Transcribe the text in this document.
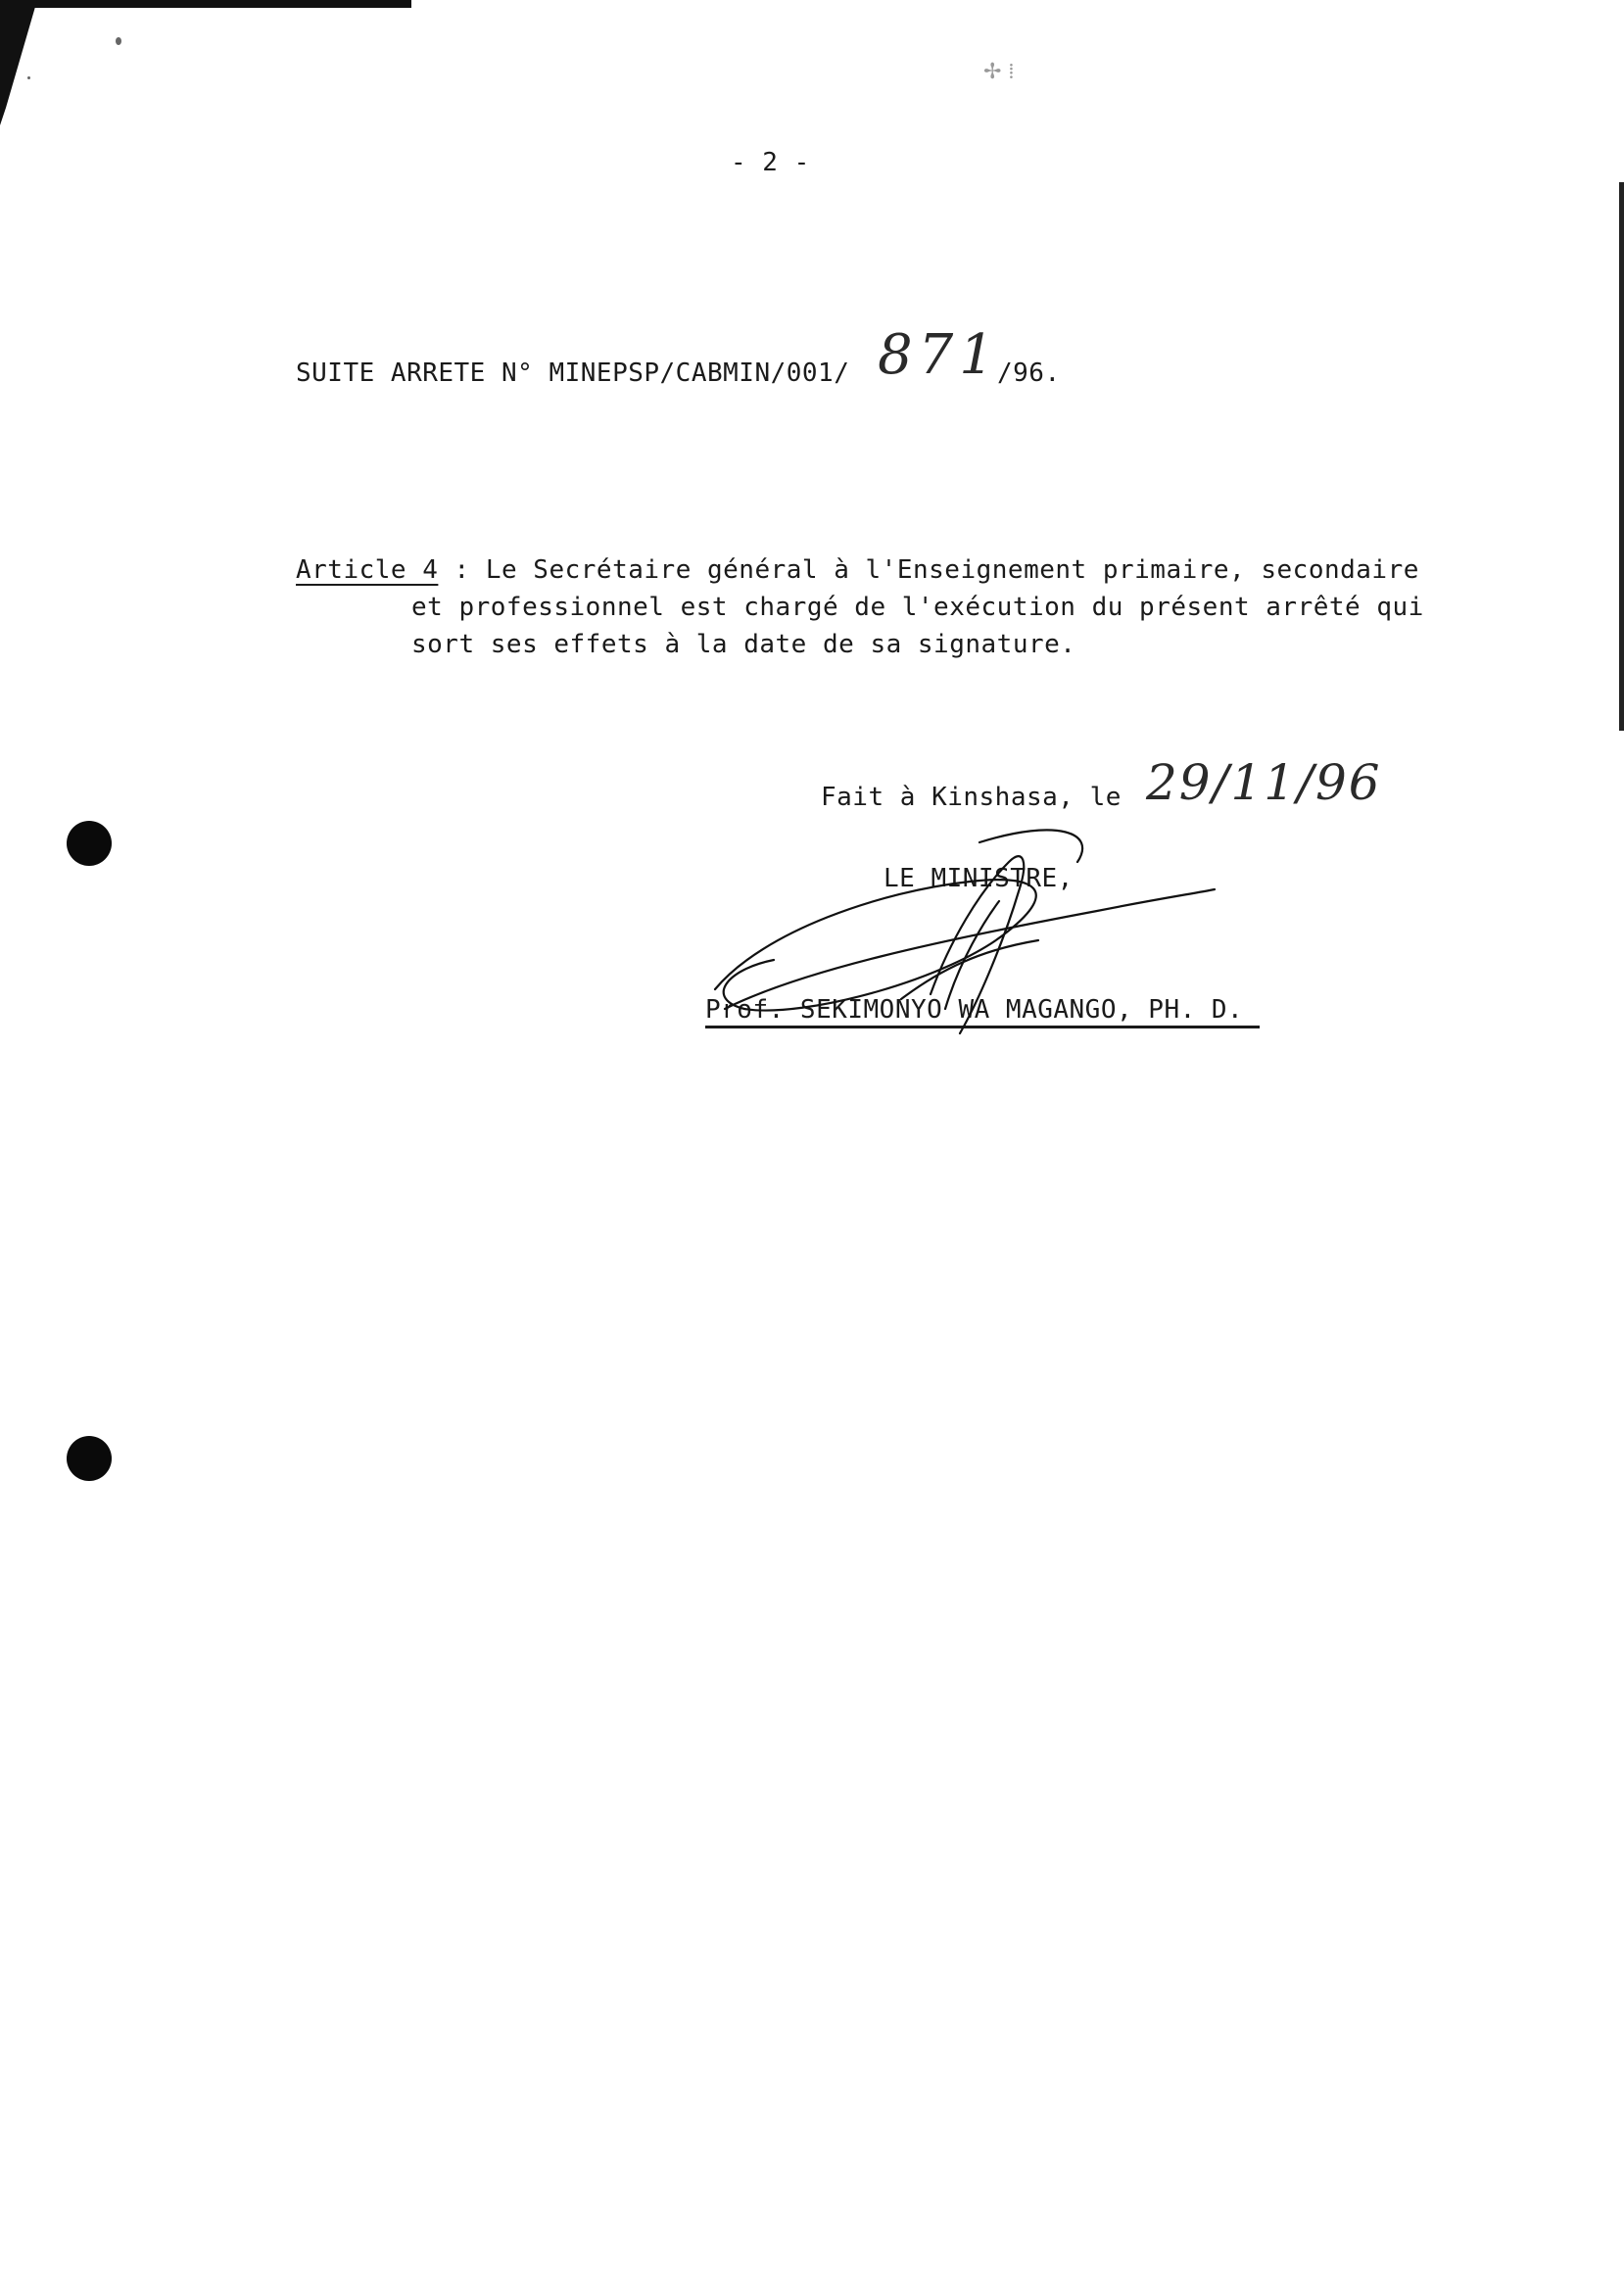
✢ ⁞
- 2 -
SUITE ARRETE N° MINEPSP/CABMIN/001/ 871
/96.
Article 4 : Le Secrétaire général à l'Enseignement primaire, secondaire
et professionnel est chargé de l'exécution du présent arrêté qui
sort ses effets à la date de sa signature.
Fait à Kinshasa, le 29/11/96
LE MINISTRE,
Prof. SEKIMONYO WA MAGANGO, PH. D.
